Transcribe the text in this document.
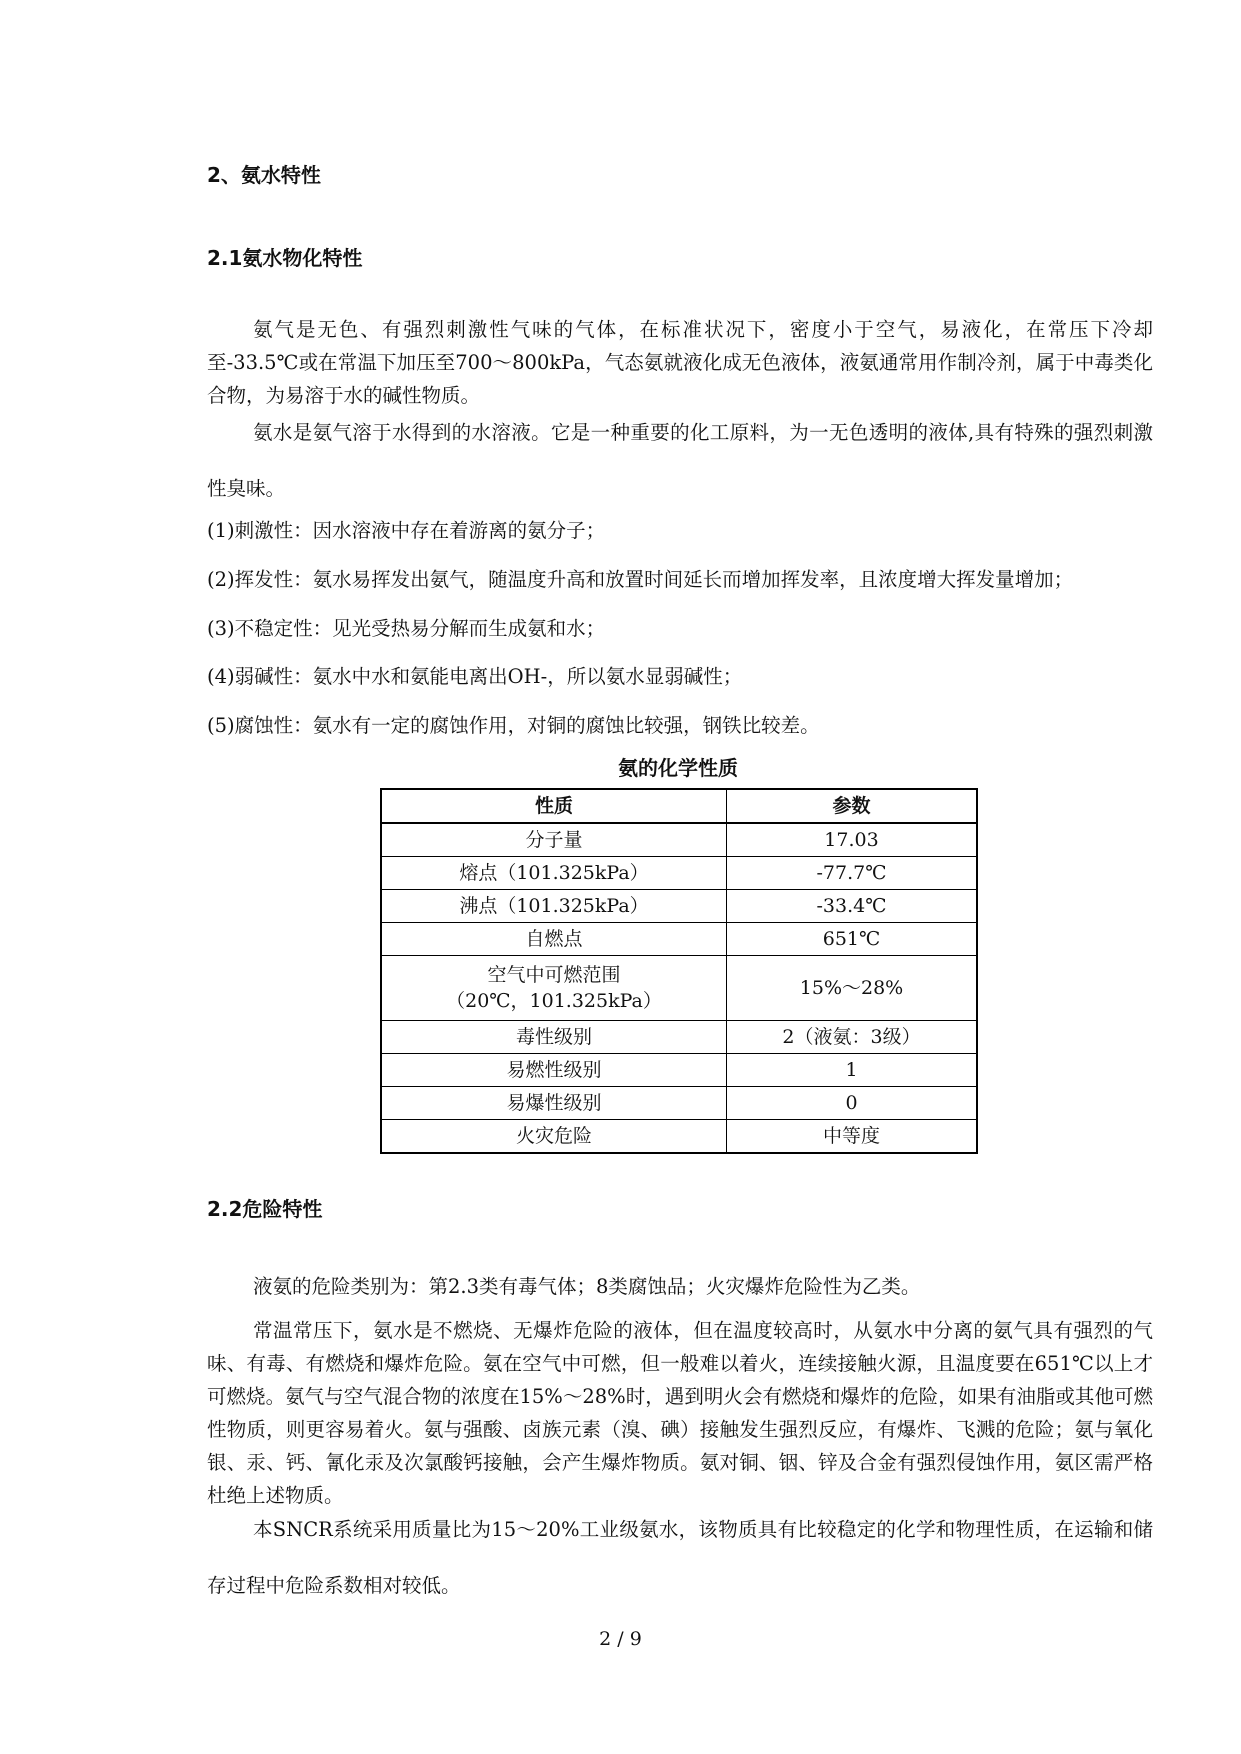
2、氨水特性
2.1氨水物化特性

氨气是无色、有强烈刺激性气味的气体，在标准状况下，密度小于空气，易液化，在常压下冷却至-33.5℃或在常温下加压至700～800kPa，气态氨就液化成无色液体，液氨通常用作制冷剂，属于中毒类化合物，为易溶于水的碱性物质。

氨水是氨气溶于水得到的水溶液。它是一种重要的化工原料，为一无色透明的液体,具有特殊的强烈刺激性臭味。

(1)刺激性：因水溶液中存在着游离的氨分子；
(2)挥发性：氨水易挥发出氨气，随温度升高和放置时间延长而增加挥发率，且浓度增大挥发量增加；
(3)不稳定性：见光受热易分解而生成氨和水；
(4)弱碱性：氨水中水和氨能电离出OH-，所以氨水显弱碱性；
(5)腐蚀性：氨水有一定的腐蚀作用，对铜的腐蚀比较强，钢铁比较差。
氨的化学性质
性质	参数
分子量	17.03
熔点（101.325kPa）	-77.7℃
沸点（101.325kPa）	-33.4℃
自燃点	651℃

空气中可燃范围
（20℃，101.325kPa）	15%～28%
毒性级别	2（液氨：3级）
易燃性级别	1
易爆性级别	0
火灾危险	中等度
2.2危险特性

液氨的危险类别为：第2.3类有毒气体；8类腐蚀品；火灾爆炸危险性为乙类。

常温常压下，氨水是不燃烧、无爆炸危险的液体，但在温度较高时，从氨水中分离的氨气具有强烈的气味、有毒、有燃烧和爆炸危险。氨在空气中可燃，但一般难以着火，连续接触火源，且温度要在651℃以上才可燃烧。氨气与空气混合物的浓度在15%～28%时，遇到明火会有燃烧和爆炸的危险，如果有油脂或其他可燃性物质，则更容易着火。氨与强酸、卤族元素（溴、碘）接触发生强烈反应，有爆炸、飞溅的危险；氨与氧化银、汞、钙、氰化汞及次氯酸钙接触，会产生爆炸物质。氨对铜、铟、锌及合金有强烈侵蚀作用，氨区需严格杜绝上述物质。

本SNCR系统采用质量比为15～20%工业级氨水，该物质具有比较稳定的化学和物理性质，在运输和储存过程中危险系数相对较低。

2 / 9
